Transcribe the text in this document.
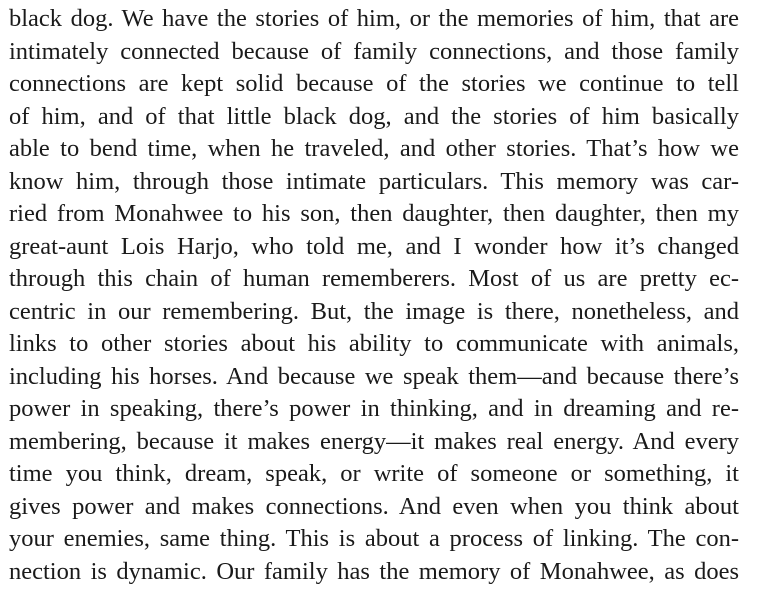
black dog. We have the stories of him, or the memories of him, that are
intimately connected because of family connections, and those family
connections are kept solid because of the stories we continue to tell
of him, and of that little black dog, and the stories of him basically
able to bend time, when he traveled, and other stories. That’s how we
know him, through those intimate particulars. This memory was car-
ried from Monahwee to his son, then daughter, then daughter, then my
great-aunt Lois Harjo, who told me, and I wonder how it’s changed
through this chain of human rememberers. Most of us are pretty ec-
centric in our remembering. But, the image is there, nonetheless, and
links to other stories about his ability to communicate with animals,
including his horses. And because we speak them—and because there’s
power in speaking, there’s power in thinking, and in dreaming and re-
membering, because it makes energy—it makes real energy. And every
time you think, dream, speak, or write of someone or something, it
gives power and makes connections. And even when you think about
your enemies, same thing. This is about a process of linking. The con-
nection is dynamic. Our family has the memory of Monahwee, as does
